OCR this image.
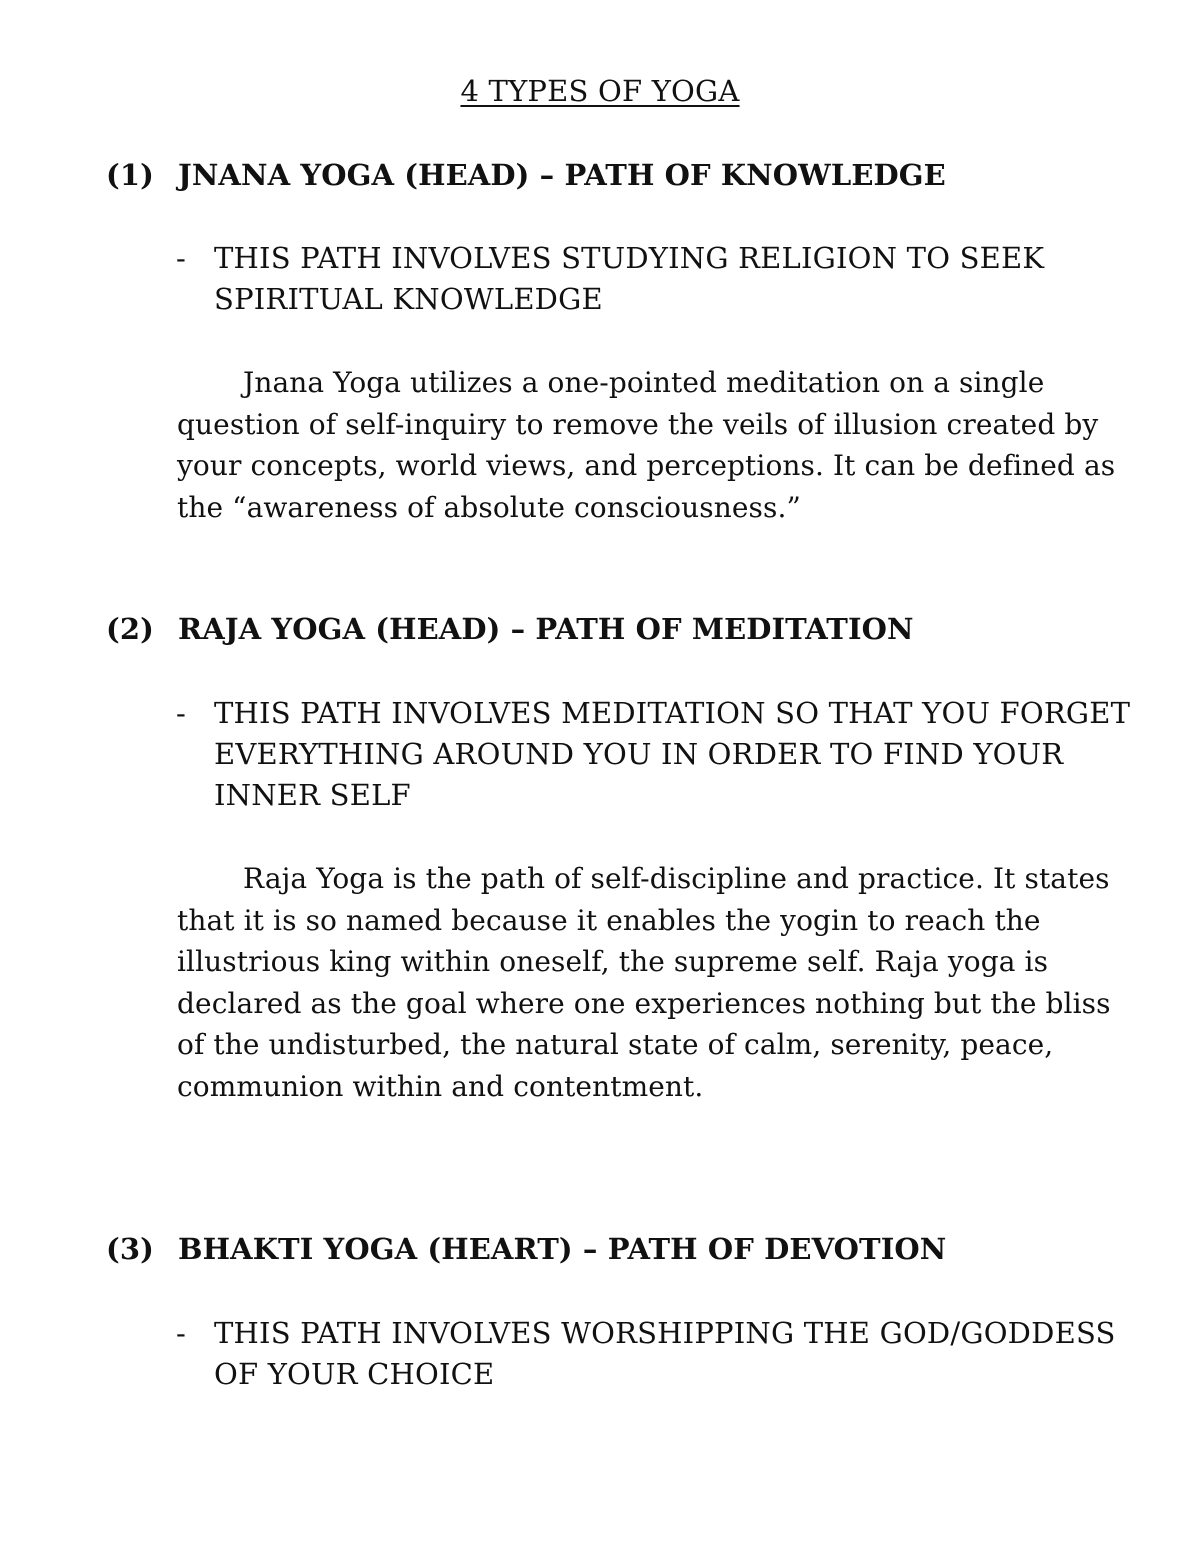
4 TYPES OF YOGA
(1) JNANA YOGA (HEAD) – PATH OF KNOWLEDGE
- THIS PATH INVOLVES STUDYING RELIGION TO SEEK SPIRITUAL KNOWLEDGE
Jnana Yoga utilizes a one-pointed meditation on a single question of self-inquiry to remove the veils of illusion created by your concepts, world views, and perceptions. It can be defined as the “awareness of absolute consciousness.”
(2) RAJA YOGA (HEAD) – PATH OF MEDITATION
- THIS PATH INVOLVES MEDITATION SO THAT YOU FORGET EVERYTHING AROUND YOU IN ORDER TO FIND YOUR INNER SELF
Raja Yoga is the path of self-discipline and practice. It states that it is so named because it enables the yogin to reach the illustrious king within oneself, the supreme self. Raja yoga is declared as the goal where one experiences nothing but the bliss of the undisturbed, the natural state of calm, serenity, peace, communion within and contentment.
(3) BHAKTI YOGA (HEART) – PATH OF DEVOTION
- THIS PATH INVOLVES WORSHIPPING THE GOD/GODDESS OF YOUR CHOICE
